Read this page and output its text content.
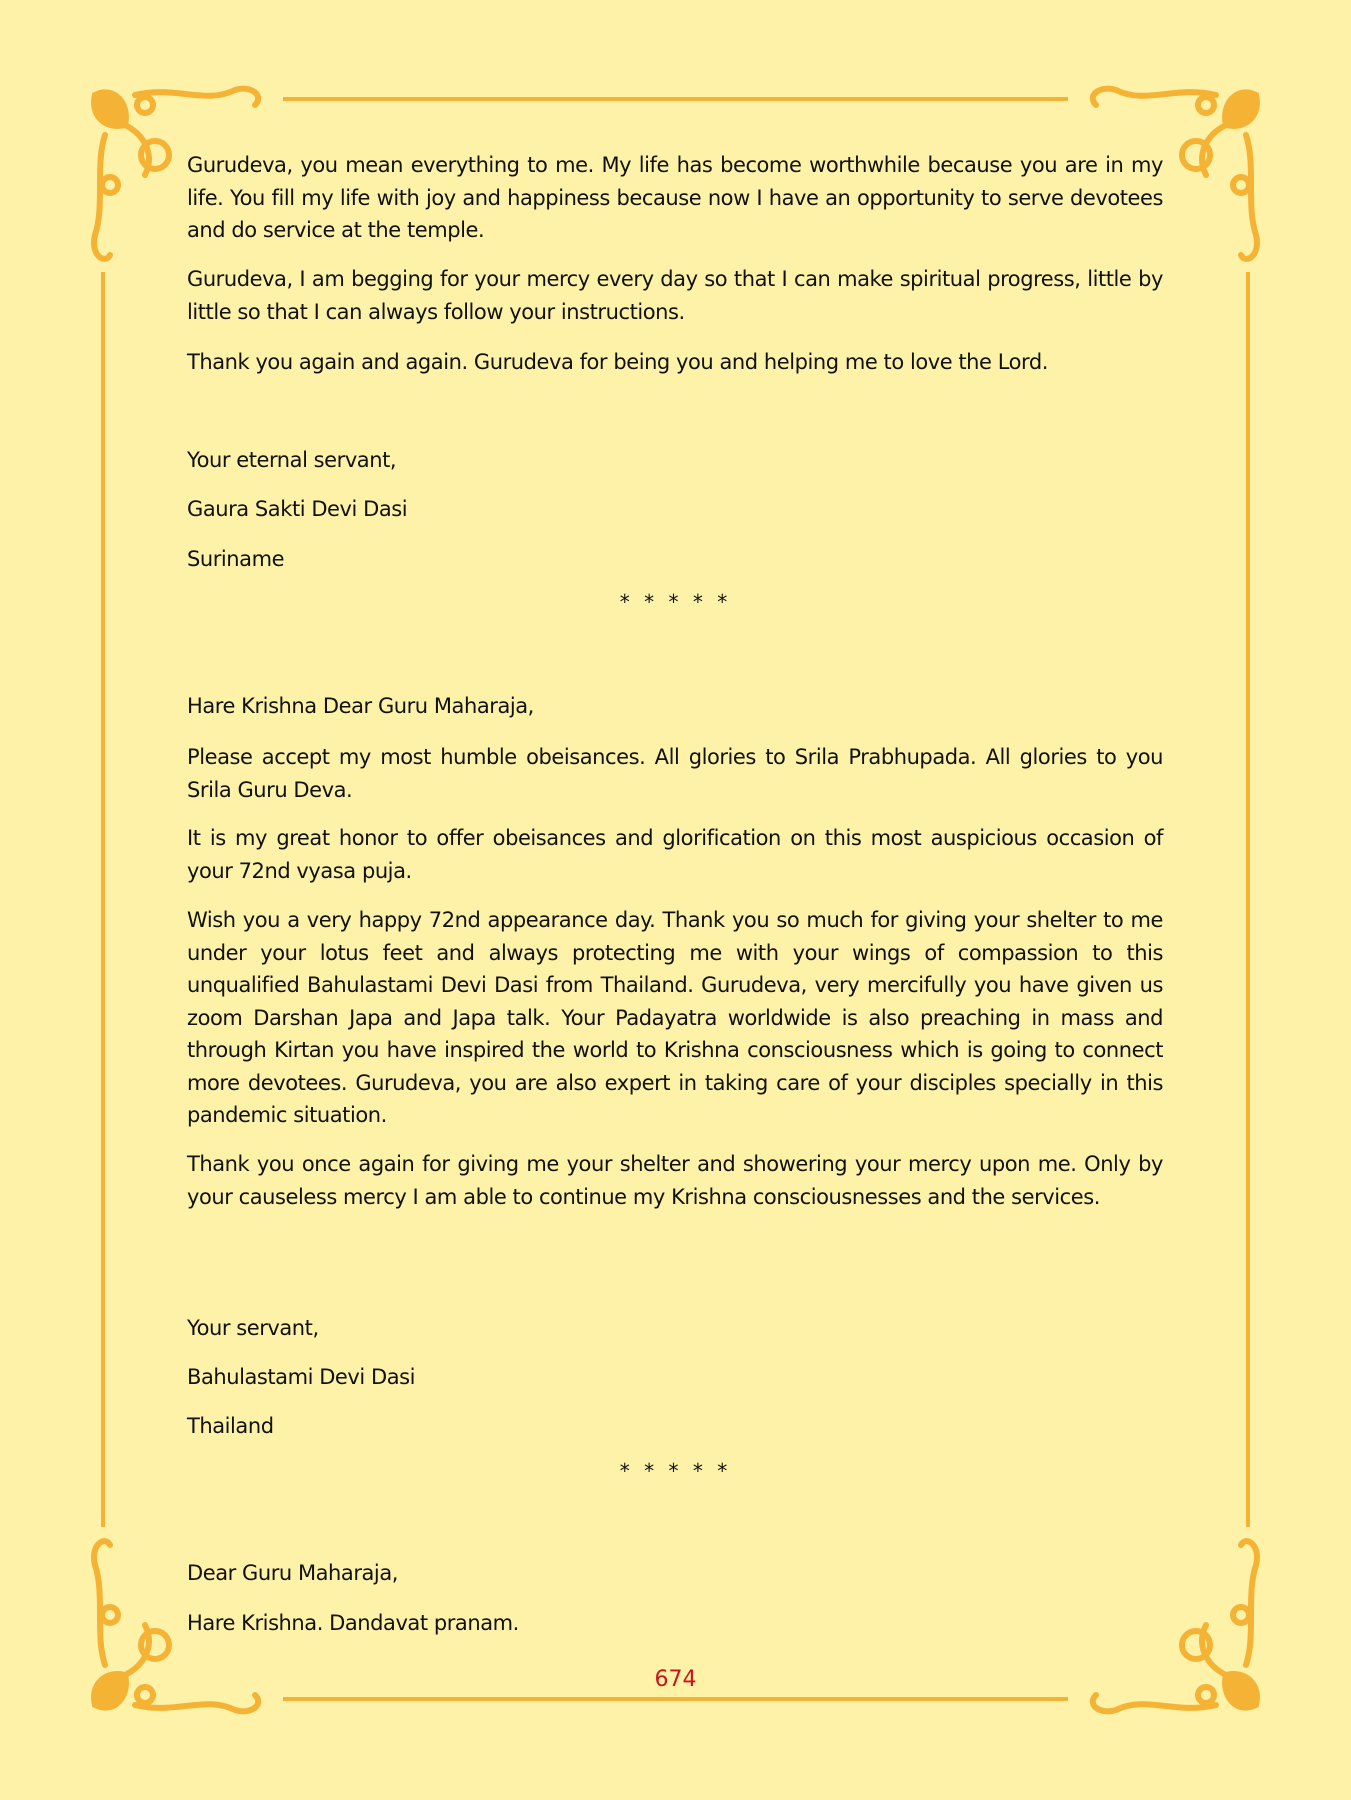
Gurudeva, you mean everything to me. My life has become worthwhile because you are in my life. You fill my life with joy and happiness because now I have an opportunity to serve devotees and do service at the temple.

Gurudeva, I am begging for your mercy every day so that I can make spiritual progress, little by little so that I can always follow your instructions.

Thank you again and again. Gurudeva for being you and helping me to love the Lord.

Your eternal servant,

Gaura Sakti Devi Dasi

Suriname

* * * * *

Hare Krishna Dear Guru Maharaja,

Please accept my most humble obeisances. All glories to Srila Prabhupada. All glories to you Srila Guru Deva.

It is my great honor to offer obeisances and glorification on this most auspicious occasion of your 72nd vyasa puja.

Wish you a very happy 72nd appearance day. Thank you so much for giving your shelter to me under your lotus feet and always protecting me with your wings of compassion to this unqualified Bahulastami Devi Dasi from Thailand. Gurudeva, very mercifully you have given us zoom Darshan Japa and Japa talk. Your Padayatra worldwide is also preaching in mass and through Kirtan you have inspired the world to Krishna consciousness which is going to connect more devotees. Gurudeva, you are also expert in taking care of your disciples specially in this pandemic situation.

Thank you once again for giving me your shelter and showering your mercy upon me. Only by your causeless mercy I am able to continue my Krishna consciousnesses and the services.

Your servant,

Bahulastami Devi Dasi

Thailand

* * * * *

Dear Guru Maharaja,

Hare Krishna. Dandavat pranam.

674
